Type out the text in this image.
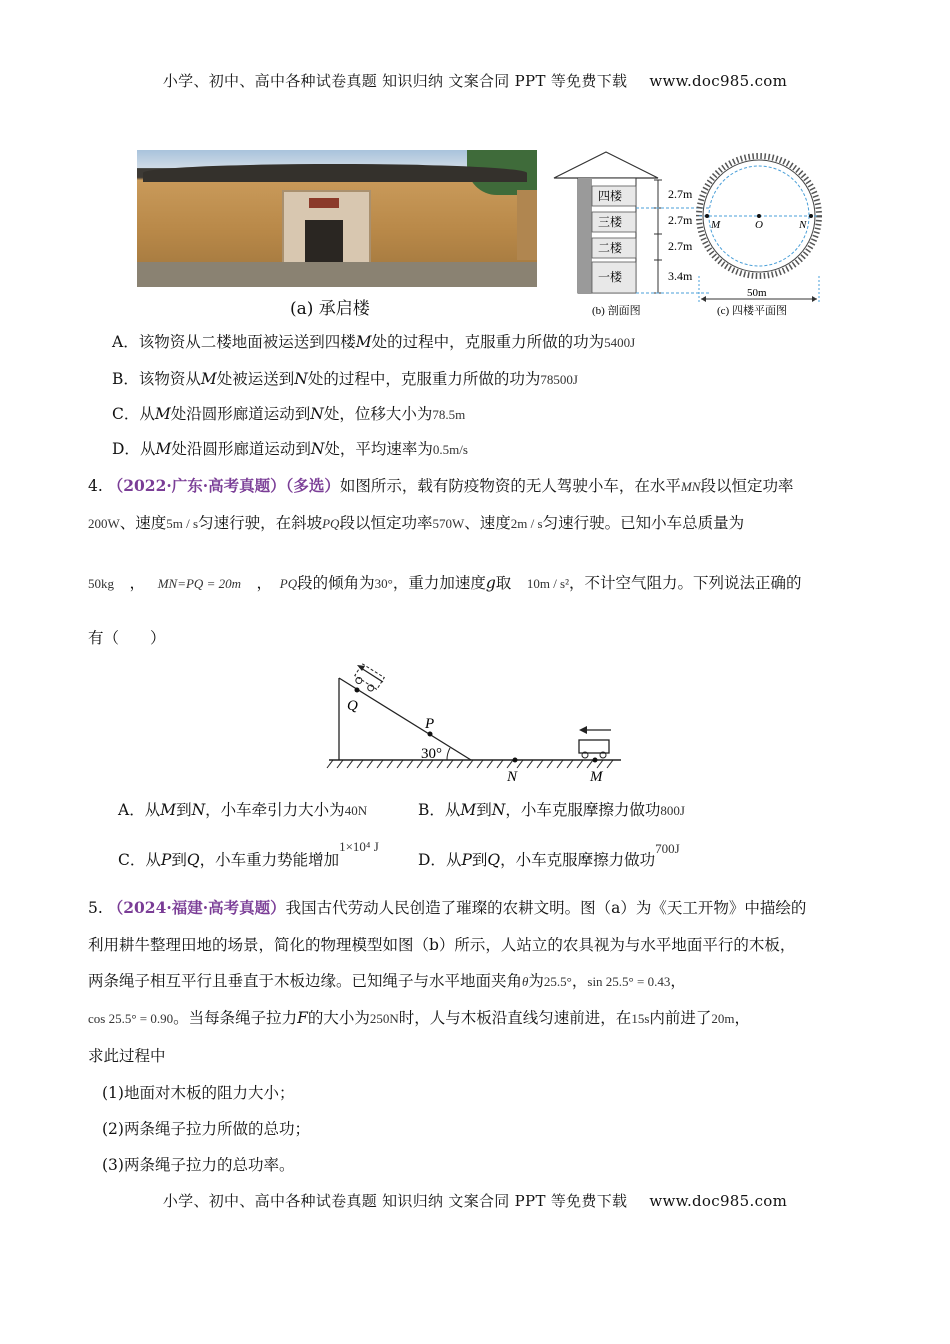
小学、初中、高中各种试卷真题 知识归纳 文案合同 PPT 等免费下载 www.doc985.com
(a) 承启楼
四楼
三楼
二楼
一楼
2.7m
2.7m
2.7m
3.4m
(b) 剖面图
M	O	N
50m
(c) 四楼平面图
A．该物资从二楼地面被运送到四楼M处的过程中，克服重力所做的功为5400J
B．该物资从M处被运送到N处的过程中，克服重力所做的功为78500J
C．从M处沿圆形廊道运动到N处，位移大小为78.5m
D．从M处沿圆形廊道运动到N处，平均速率为0.5m/s
4. （2022·广东·高考真题）（多选）如图所示，载有防疫物资的无人驾驶小车，在水平MN段以恒定功率
200W、速度5m / s匀速行驶，在斜坡PQ段以恒定功率570W、速度2m / s匀速行驶。已知小车总质量为
50kg　 ，　 MN=PQ = 20m　 ，　 PQ段的倾角为30°，重力加速度g取　 10m / s²，不计空气阻力。下列说法正确的
有（　　）
Q
P
30°
N	M
A．从M到N，小车牵引力大小为40N	B．从M到N，小车克服摩擦力做功800J
C．从P到Q，小车重力势能增加$^{1\times 10^4 J}$
D．从P到Q，小车克服摩擦力做功$^{700J}$
5. （2024·福建·高考真题）我国古代劳动人民创造了璀璨的农耕文明。图（a）为《天工开物》中描绘的
利用耕牛整理田地的场景，简化的物理模型如图（b）所示，人站立的农具视为与水平地面平行的木板，
两条绳子相互平行且垂直于木板边缘。已知绳子与水平地面夹角θ为25.5°，sin 25.5° = 0.43，
cos 25.5° = 0.90。当每条绳子拉力F的大小为250N时，人与木板沿直线匀速前进，在15s内前进了20m，
求此过程中
(1)地面对木板的阻力大小；
(2)两条绳子拉力所做的总功；
(3)两条绳子拉力的总功率。
小学、初中、高中各种试卷真题 知识归纳 文案合同 PPT 等免费下载 www.doc985.com
